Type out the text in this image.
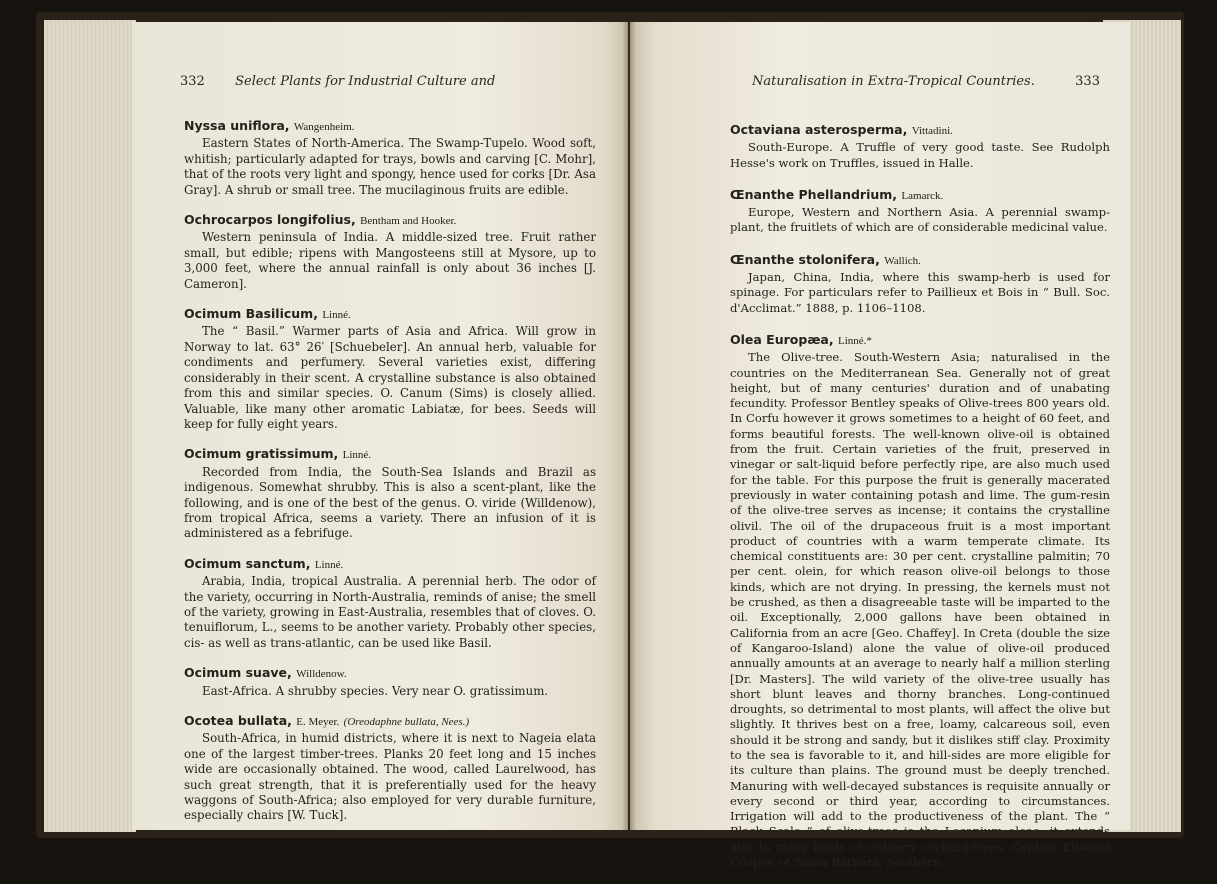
332 Select Plants for Industrial Culture and
Nyssa uniflora, Wangenheim.
Eastern States of North-America. The Swamp-Tupelo. Wood soft, whitish; particularly adapted for trays, bowls and carving [C. Mohr], that of the roots very light and spongy, hence used for corks [Dr. Asa Gray]. A shrub or small tree. The mucilaginous fruits are edible.
Ochrocarpos longifolius, Bentham and Hooker.
Western peninsula of India. A middle-sized tree. Fruit rather small, but edible; ripens with Mangosteens still at Mysore, up to 3,000 feet, where the annual rainfall is only about 36 inches [J. Cameron].
Ocimum Basilicum, Linné.
The “ Basil.” Warmer parts of Asia and Africa. Will grow in Norway to lat. 63° 26′ [Schuebeler]. An annual herb, valuable for condiments and perfumery. Several varieties exist, differing considerably in their scent. A crystalline substance is also obtained from this and similar species. O. Canum (Sims) is closely allied. Valuable, like many other aromatic Labiatæ, for bees. Seeds will keep for fully eight years.
Ocimum gratissimum, Linné.
Recorded from India, the South-Sea Islands and Brazil as indigenous. Somewhat shrubby. This is also a scent-plant, like the following, and is one of the best of the genus. O. viride (Willdenow), from tropical Africa, seems a variety. There an infusion of it is administered as a febrifuge.
Ocimum sanctum, Linné.
Arabia, India, tropical Australia. A perennial herb. The odor of the variety, occurring in North-Australia, reminds of anise; the smell of the variety, growing in East-Australia, resembles that of cloves. O. tenuiflorum, L., seems to be another variety. Probably other species, cis- as well as trans-atlantic, can be used like Basil.
Ocimum suave, Willdenow.
East-Africa. A shrubby species. Very near O. gratissimum.
Ocotea bullata, E. Meyer. (Oreodaphne bullata, Nees.)
South-Africa, in humid districts, where it is next to Nageia elata one of the largest timber-trees. Planks 20 feet long and 15 inches wide are occasionally obtained. The wood, called Laurelwood, has such great strength, that it is preferentially used for the heavy waggons of South-Africa; also employed for very durable furniture, especially chairs [W. Tuck].
Naturalisation in Extra-Tropical Countries.	333
Octaviana asterosperma, Vittadini.
South-Europe. A Truffle of very good taste. See Rudolph Hesse's work on Truffles, issued in Halle.
Œnanthe Phellandrium, Lamarck.
Europe, Western and Northern Asia. A perennial swamp-plant, the fruitlets of which are of considerable medicinal value.
Œnanthe stolonifera, Wallich.
Japan, China, India, where this swamp-herb is used for spinage. For particulars refer to Paillieux et Bois in “ Bull. Soc. d'Acclimat.” 1888, p. 1106–1108.
Olea Europæa, Linné.*
The Olive-tree. South-Western Asia; naturalised in the countries on the Mediterranean Sea. Generally not of great height, but of many centuries' duration and of unabating fecundity. Professor Bentley speaks of Olive-trees 800 years old. In Corfu however it grows sometimes to a height of 60 feet, and forms beautiful forests. The well-known olive-oil is obtained from the fruit. Certain varieties of the fruit, preserved in vinegar or salt-liquid before perfectly ripe, are also much used for the table. For this purpose the fruit is generally macerated previously in water containing potash and lime. The gum-resin of the olive-tree serves as incense; it contains the crystalline olivil. The oil of the drupaceous fruit is a most important product of countries with a warm temperate climate. Its chemical constituents are: 30 per cent. crystalline palmitin; 70 per cent. olein, for which reason olive-oil belongs to those kinds, which are not drying. In pressing, the kernels must not be crushed, as then a disagreeable taste will be imparted to the oil. Exceptionally, 2,000 gallons have been obtained in California from an acre [Geo. Chaffey]. In Creta (double the size of Kangaroo-Island) alone the value of olive-oil produced annually amounts at an average to nearly half a million sterling [Dr. Masters]. The wild variety of the olive-tree usually has short blunt leaves and thorny branches. Long-continued droughts, so detrimental to most plants, will affect the olive but slightly. It thrives best on a free, loamy, calcareous soil, even should it be strong and sandy, but it dislikes stiff clay. Proximity to the sea is favorable to it, and hill-sides are more eligible for its culture than plains. The ground must be deeply trenched. Manuring with well-decayed substances is requisite annually or every second or third year, according to circumstances. Irrigation will add to the productiveness of the plant. The “ Black Scale ” of olive-trees is the Lecanium oleae; it extends also to many kinds of ordinary orchard-trees. Captain Ellwood Cooper, of Santa Barbara, Southern
